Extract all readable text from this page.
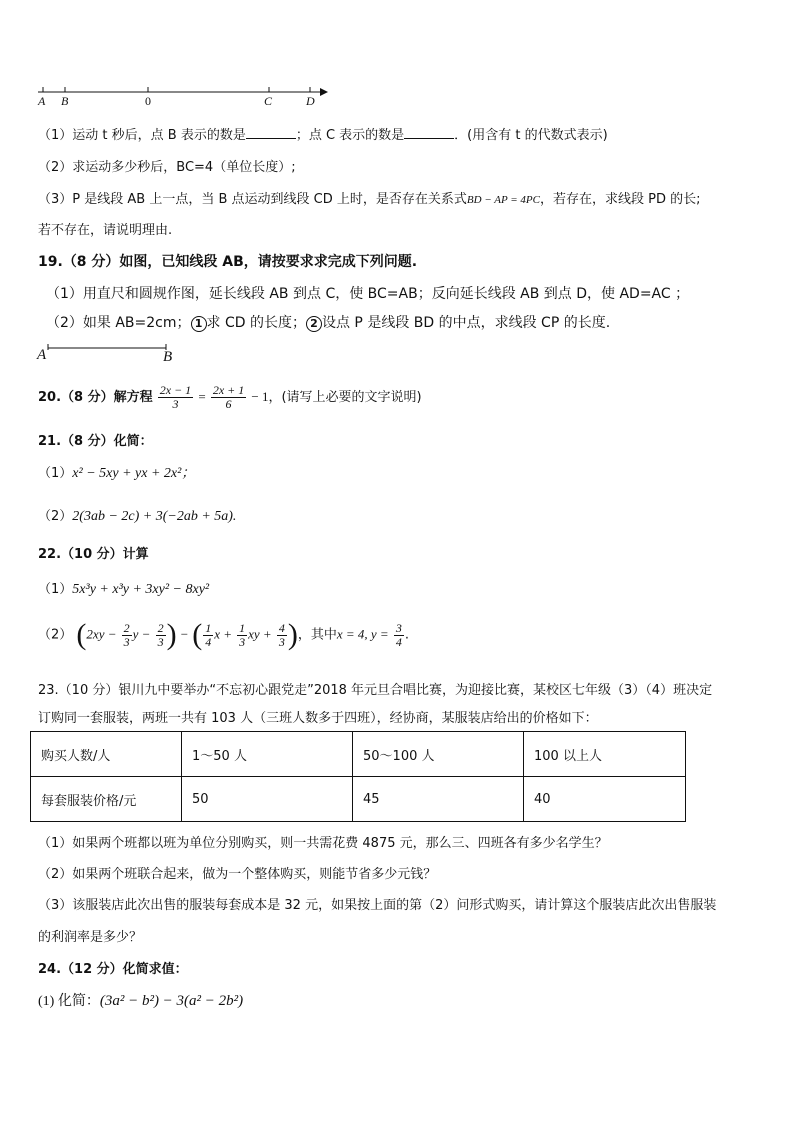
A B	0	C	D
（1）运动 t 秒后，点 B 表示的数是	；点 C 表示的数是	．(用含有 t 的代数式表示)
（2）求运动多少秒后，BC=4（单位长度）;
（3）P 是线段 AB 上一点，当 B 点运动到线段 CD 上时，是否存在关系式BD − AP = 4PC，若存在，求线段 PD 的长;
若不存在，请说明理由.
19.（8 分）如图，已知线段 AB，请按要求求完成下列问题.
（1）用直尺和圆规作图，延长线段 AB 到点 C，使 BC=AB；反向延长线段 AB 到点 D，使 AD=AC ；
（2）如果 AB=2cm； 1 求 CD 的长度； 2 设点 P 是线段 BD 的中点，求线段 CP 的长度.
A	B
20.（8 分）解方程 $\frac{2x - 1}{3} = \frac{2x + 1}{6} - 1$，(请写上必要的文字说明)
21.（8 分）化简：
（1）x² − 5xy + yx + 2x²；
（2）2(3ab − 2c) + 3(−2ab + 5a).
22.（10 分）计算
（1）5x³y + x³y + 3xy² − 8xy²
（2） ($2xy - \frac{2}{3}$ $y - \frac{2}{3}$ ) − ( $\frac{1}{4}$ $x + \frac{1}{3}$ xy + $\frac{4}{3}$ )，其中x = 4, $y = \frac{3}{4}$ .
23.（10 分）银川九中要举办“不忘初心跟党走”2018 年元旦合唱比赛，为迎接比赛，某校区七年级（3）（4）班决定
订购同一套服装，两班一共有 103 人（三班人数多于四班），经协商，某服装店给出的价格如下：
购买人数/人	1～50 人	50～100 人	100 以上人
每套服装价格/元	50	45	40
（1）如果两个班都以班为单位分别购买，则一共需花费 4875 元，那么三、四班各有多少名学生？
（2）如果两个班联合起来，做为一个整体购买，则能节省多少元钱？
（3）该服装店此次出售的服装每套成本是 32 元，如果按上面的第（2）问形式购买，请计算这个服装店此次出售服装
的利润率是多少？
24.（12 分）化简求值：
(1) 化简：(3a² − b²) − 3(a² − 2b²)
